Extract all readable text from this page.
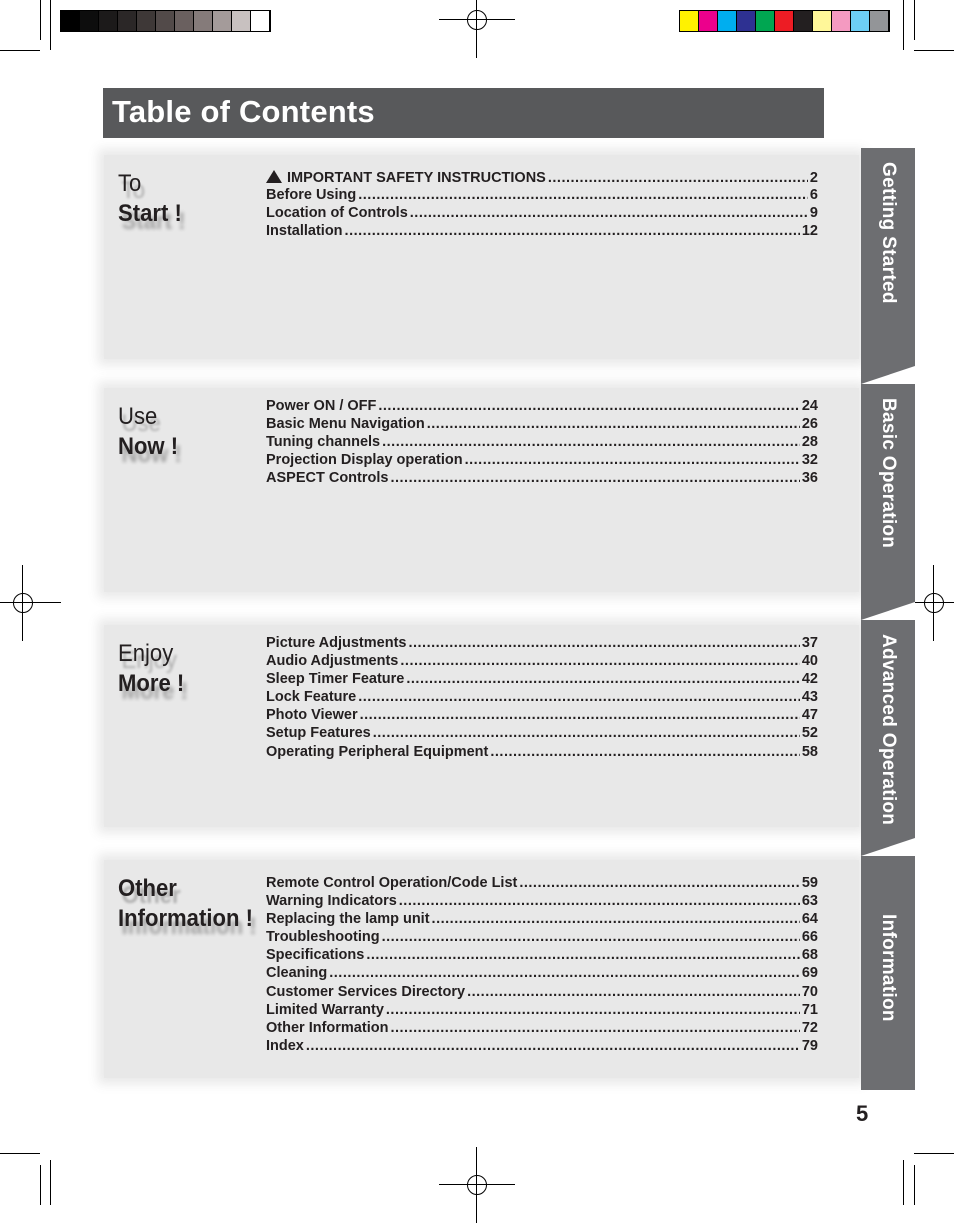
Table of Contents
To
Start !
IMPORTANT SAFETY INSTRUCTIONS .....	2
Before Using .....	6
Location of Controls .....	9
Installation .....	12
Use
Now !
Power ON / OFF .....	24
Basic Menu Navigation .....	26
Tuning channels .....	28
Projection Display operation .....	32
ASPECT Controls .....	36
Enjoy
More !
Picture Adjustments .....	37
Audio Adjustments .....	40
Sleep Timer Feature .....	42
Lock Feature .....	43
Photo Viewer .....	47
Setup Features .....	52
Operating Peripheral Equipment .....	58
Other
Information !
Remote Control Operation/Code List .....	59
Warning Indicators .....	63
Replacing the lamp unit .....	64
Troubleshooting .....	66
Specifications .....	68
Cleaning .....	69
Customer Services Directory .....	70
Limited Warranty .....	71
Other Information .....	72
Index .....	79
Getting Started
Basic Operation
Advanced Operation
Information
5
